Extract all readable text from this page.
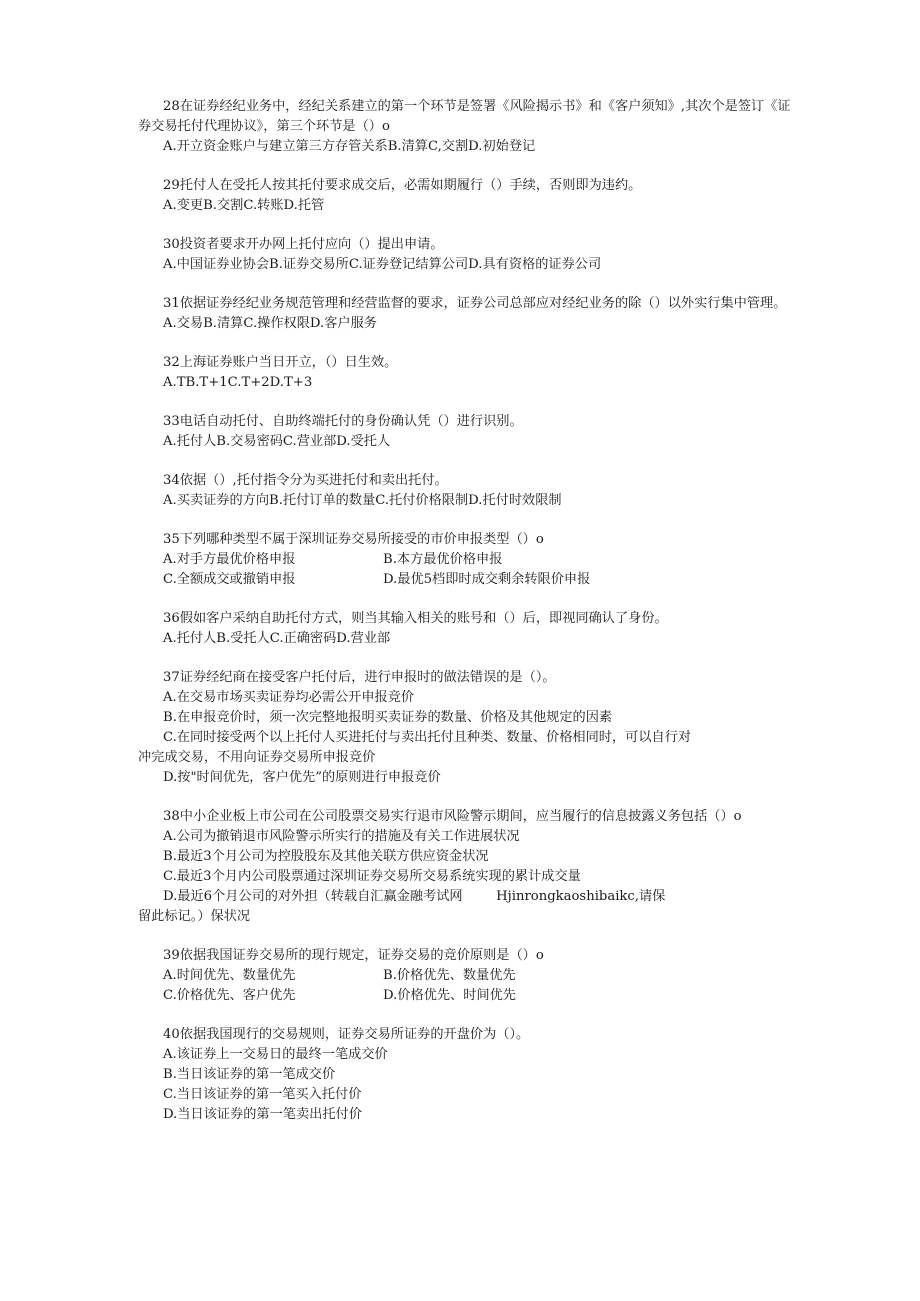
28在证券经纪业务中，经纪关系建立的第一个环节是签署《风险揭示书》和《客户须知》,其次个是签订《证券交易托付代理协议》，第三个环节是（）o

A.开立资金账户与建立第三方存管关系B.清算C,交割D.初始登记

29托付人在受托人按其托付要求成交后，必需如期履行（）手续，否则即为违约。

A.变更B.交割C.转账D.托管

30投资者要求开办网上托付应向（）提出申请。

A.中国证券业协会B.证券交易所C.证券登记结算公司D.具有资格的证券公司

31依据证券经纪业务规范管理和经营监督的要求，证券公司总部应对经纪业务的除（）以外实行集中管理。

A.交易B.清算C.操作权限D.客户服务

32上海证券账户当日开立，（）日生效。

A.TB.T+1C.T+2D.T+3

33电话自动托付、自助终端托付的身份确认凭（）进行识别。

A.托付人B.交易密码C.营业部D.受托人

34依据（）,托付指令分为买进托付和卖出托付。

A.买卖证券的方向B.托付订单的数量C.托付价格限制D.托付时效限制

35下列哪种类型不属于深圳证券交易所接受的市价申报类型（）o

A.对手方最优价格申报	B.本方最优价格申报
C.全额成交或撤销申报	D.最优5档即时成交剩余转限价申报

36假如客户采纳自助托付方式，则当其输入相关的账号和（）后，即视同确认了身份。

A.托付人B.受托人C.正确密码D.营业部

37证券经纪商在接受客户托付后，进行申报时的做法错误的是（）。

A.在交易市场买卖证券均必需公开申报竞价

B.在申报竞价时，须一次完整地报明买卖证券的数量、价格及其他规定的因素

C.在同时接受两个以上托付人买进托付与卖出托付且种类、数量、价格相同时，可以自行对

冲完成交易，不用向证券交易所申报竞价

D.按"时间优先，客户优先”的原则进行申报竞价

38中小企业板上市公司在公司股票交易实行退市风险警示期间，应当履行的信息披露义务包括（）o

A.公司为撤销退市风险警示所实行的措施及有关工作进展状况

B.最近3个月公司为控股股东及其他关联方供应资金状况

C.最近3个月内公司股票通过深圳证券交易所交易系统实现的累计成交量

D.最近6个月公司的对外担（转载自汇赢金融考试网        Hjinrongkaoshibaikc,请保

留此标记。）保状况

39依据我国证券交易所的现行规定，证券交易的竞价原则是（）o

A.时间优先、数量优先	B.价格优先、数量优先
C.价格优先、客户优先	D.价格优先、时间优先

40依据我国现行的交易规则，证券交易所证券的开盘价为（）。

A.该证券上一交易日的最终一笔成交价

B.当日该证券的第一笔成交价

C.当日该证券的第一笔买入托付价

D.当日该证券的第一笔卖出托付价
